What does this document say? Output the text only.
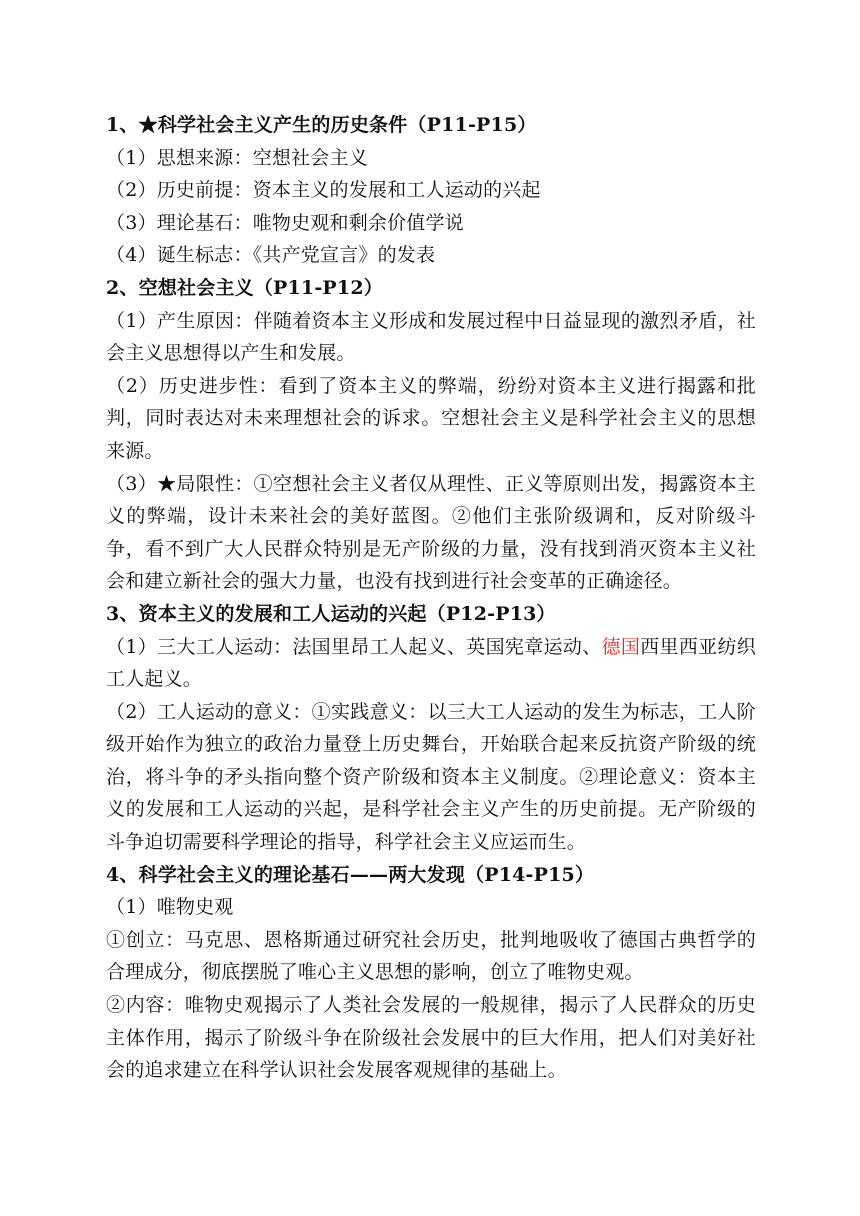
1、★科学社会主义产生的历史条件（P11-P15）

（1）思想来源：空想社会主义

（2）历史前提：资本主义的发展和工人运动的兴起

（3）理论基石：唯物史观和剩余价值学说

（4）诞生标志：《共产党宣言》的发表

2、空想社会主义（P11-P12）

（1）产生原因：伴随着资本主义形成和发展过程中日益显现的激烈矛盾，社会主义思想得以产生和发展。

（2）历史进步性：看到了资本主义的弊端，纷纷对资本主义进行揭露和批判，同时表达对未来理想社会的诉求。空想社会主义是科学社会主义的思想来源。

（3）★局限性：①空想社会主义者仅从理性、正义等原则出发，揭露资本主义的弊端，设计未来社会的美好蓝图。②他们主张阶级调和，反对阶级斗争，看不到广大人民群众特别是无产阶级的力量，没有找到消灭资本主义社会和建立新社会的强大力量，也没有找到进行社会变革的正确途径。

3、资本主义的发展和工人运动的兴起（P12-P13）

（1）三大工人运动：法国里昂工人起义、英国宪章运动、德国西里西亚纺织工人起义。

（2）工人运动的意义：①实践意义：以三大工人运动的发生为标志，工人阶级开始作为独立的政治力量登上历史舞台，开始联合起来反抗资产阶级的统治，将斗争的矛头指向整个资产阶级和资本主义制度。②理论意义：资本主义的发展和工人运动的兴起，是科学社会主义产生的历史前提。无产阶级的斗争迫切需要科学理论的指导，科学社会主义应运而生。

4、科学社会主义的理论基石——两大发现（P14-P15）

（1）唯物史观

①创立：马克思、恩格斯通过研究社会历史，批判地吸收了德国古典哲学的合理成分，彻底摆脱了唯心主义思想的影响，创立了唯物史观。

②内容：唯物史观揭示了人类社会发展的一般规律，揭示了人民群众的历史主体作用，揭示了阶级斗争在阶级社会发展中的巨大作用，把人们对美好社会的追求建立在科学认识社会发展客观规律的基础上。
